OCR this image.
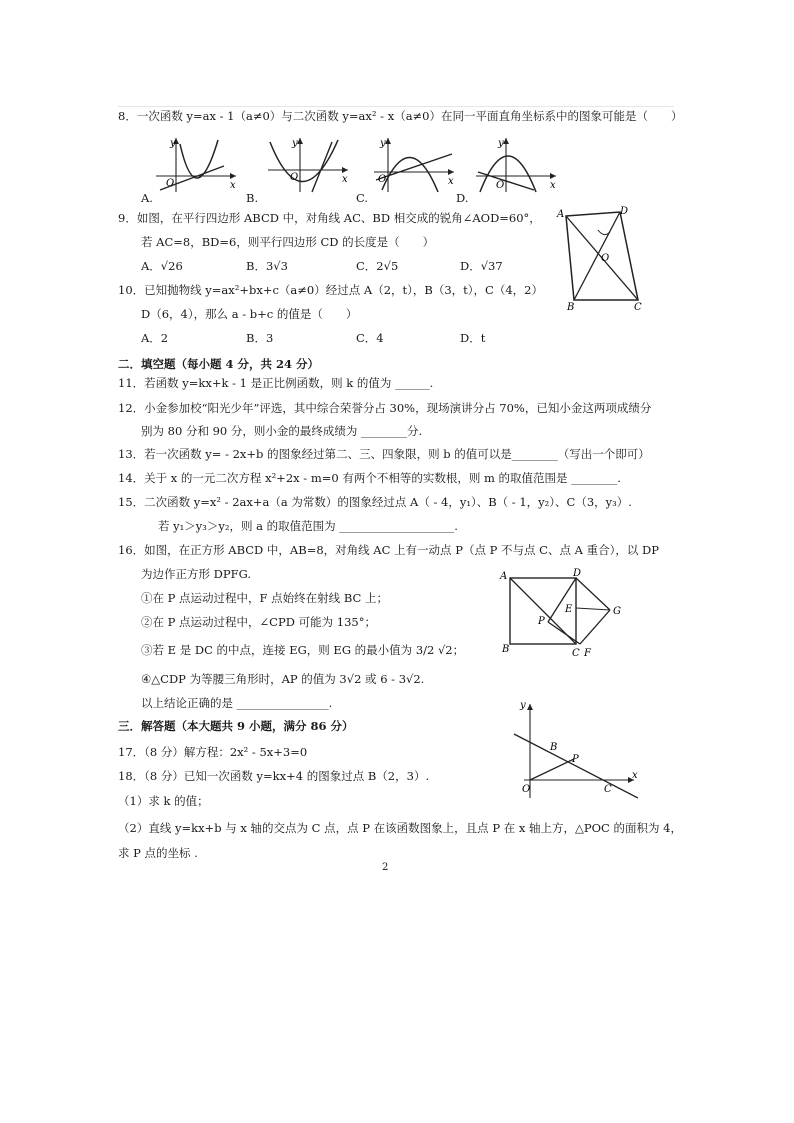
8．一次函数 y=ax - 1（a≠0）与二次函数 y=ax² - x（a≠0）在同一平面直角坐标系中的图象可能是（　　）
y
x
O
A.
y
x
O
B.
y
x
O
C.
y
x
O
D.
9．如图，在平行四边形 ABCD 中，对角线 AC、BD 相交成的锐角∠AOD=60°，
若 AC=8，BD=6，则平行四边形 CD 的长度是（　　）
A．√26	B．3√3	C．2√5	D．√37
A	D
O
B	C
10．已知抛物线 y=ax²+bx+c（a≠0）经过点 A（2，t），B（3，t），C（4，2）
D（6，4），那么 a - b+c 的值是（　　）
A．2	B．3	C．4	D．t
二．填空题（每小题 4 分，共 24 分）
11．若函数 y=kx+k - 1 是正比例函数，则 k 的值为 ______.
12．小金参加校“阳光少年”评选，其中综合荣誉分占 30%，现场演讲分占 70%，已知小金这两项成绩分
别为 80 分和 90 分，则小金的最终成绩为 ________分.
13．若一次函数 y= - 2x+b 的图象经过第二、三、四象限，则 b 的值可以是________（写出一个即可）
14．关于 x 的一元二次方程 x²+2x - m=0 有两个不相等的实数根，则 m 的取值范围是 ________.
15．二次函数 y=x² - 2ax+a（a 为常数）的图象经过点 A（ - 4，y₁）、B（ - 1，y₂）、C（3，y₃）.
若 y₁＞y₃＞y₂，则 a 的取值范围为 ____________________.
16．如图，在正方形 ABCD 中，AB=8，对角线 AC 上有一动点 P（点 P 不与点 C、点 A 重合），以 DP
为边作正方形 DPFG.
①在 P 点运动过程中，F 点始终在射线 BC 上；
②在 P 点运动过程中，∠CPD 可能为 135°；
③若 E 是 DC 的中点，连接 EG，则 EG 的最小值为 3/2 √2；
④△CDP 为等腰三角形时，AP 的值为 3√2 或 6 - 3√2.
以上结论正确的是 ________________.
A	D
E	G
P
B	C F
三．解答题（本大题共 9 小题，满分 86 分）
17．（8 分）解方程：2x² - 5x+3=0
18．（8 分）已知一次函数 y=kx+4 的图象过点 B（2，3）.
（1）求 k 的值；
（2）直线 y=kx+b 与 x 轴的交点为 C 点，点 P 在该函数图象上，且点 P 在 x 轴上方，△POC 的面积为 4，
求 P 点的坐标 .
y
x
O
B
P
C
2
